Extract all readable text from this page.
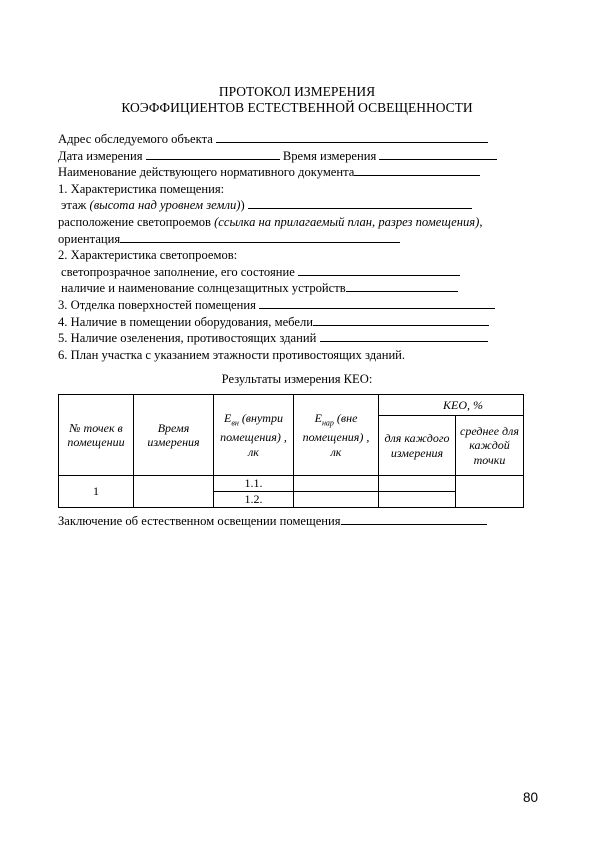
ПРОТОКОЛ ИЗМЕРЕНИЯ
КОЭФФИЦИЕНТОВ ЕСТЕСТВЕННОЙ ОСВЕЩЕННОСТИ
Адрес обследуемого объекта
Дата измерения	Время измерения
Наименование действующего нормативного документа
1. Характеристика помещения:
этаж (высота над уровнем земли))
расположение светопроемов (ссылка на прилагаемый план, разрез помещения),
ориентация
2. Характеристика светопроемов:
светопрозрачное заполнение, его состояние
наличие и наименование солнцезащитных устройств
3. Отделка поверхностей помещения
4. Наличие в помещении оборудования, мебели
5. Наличие озеленения, противостоящих зданий
6. План участка с указанием этажности противостоящих зданий.
Результаты измерения КЕО:
№ точек в помещении	Время измерения	$E_{вн}$ (внутри помещения) , лк	$E_{нар}$ (вне помещения) , лк	КЕО, %	
				для каждого измерения	среднее для каждой точки
1		1.1.			
		1.2.			
Заключение об естественном освещении помещения
80
